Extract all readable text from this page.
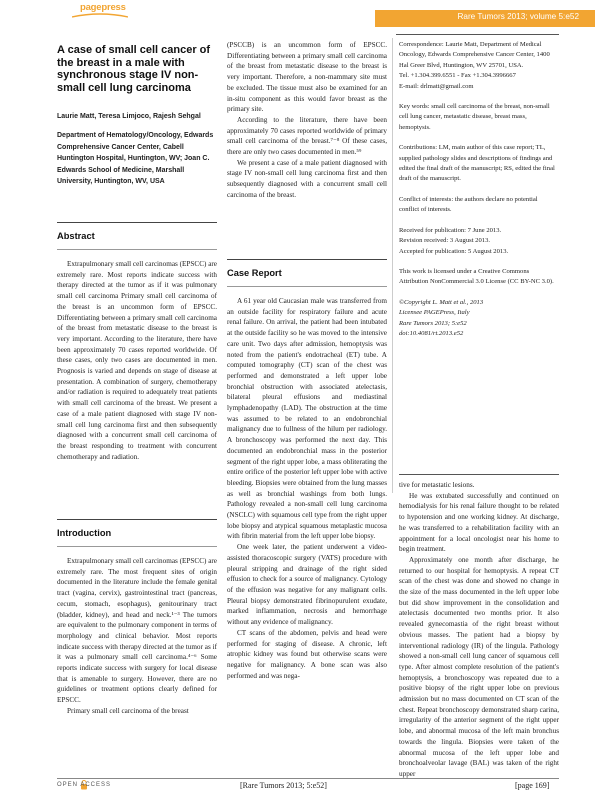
pagepress
Rare Tumors 2013; volume 5:e52
A case of small cell cancer of the breast in a male with synchronous stage IV non-small cell lung carcinoma
Laurie Matt, Teresa Limjoco, Rajesh Sehgal
Department of Hematology/Oncology, Edwards Comprehensive Cancer Center, Cabell Huntington Hospital, Huntington, WV; Joan C. Edwards School of Medicine, Marshall University, Huntington, WV, USA
Abstract

Extrapulmonary small cell carcinomas (EPSCC) are extremely rare. Most reports indicate success with therapy directed at the tumor as if it was pulmonary small cell carcinoma Primary small cell carcinoma of the breast is an uncommon form of EPSCC. Differentiating between a primary small cell carcinoma of the breast from metastatic disease to the breast is very important. According to the literature, there have been approximately 70 cases reported worldwide. Of these cases, only two cases are documented in men. Prognosis is varied and depends on stage of disease at presentation. A combination of surgery, chemotherapy and/or radiation is required to adequately treat patients with small cell carcinoma of the breast. We present a case of a male patient diagnosed with stage IV non-small cell lung carcinoma first and then subsequently diagnosed with a concurrent small cell carcinoma of the breast responding to treatment with concurrent chemotherapy and radiation.

Introduction

Extrapulmonary small cell carcinomas (EPSCC) are extremely rare. The most frequent sites of origin documented in the literature include the female genital tract (vagina, cervix), gastrointestinal tract (pancreas, cecum, stomach, esophagus), genitourinary tract (bladder, kidney), and head and neck.¹⁻³ The tumors are equivalent to the pulmonary component in terms of morphology and clinical behavior. Most reports indicate success with therapy directed at the tumor as if it was a pulmonary small cell carcinoma.⁴⁻⁶ Some reports indicate success with surgery for local disease that is amenable to surgery. However, there are no guidelines or treatment options clearly defined for EPSCC.

Primary small cell carcinoma of the breast

(PSCCB) is an uncommon form of EPSCC. Differentiating between a primary small cell carcinoma of the breast from metastatic disease to the breast is very important. Therefore, a non-mammary site must be excluded. The tissue must also be examined for an in-situ component as this would favor breast as the primary site.

According to the literature, there have been approximately 70 cases reported worldwide of primary small cell carcinoma of the breast.⁷⁻⁸ Of these cases, there are only two cases documented in men.⁵⁹

We present a case of a male patient diagnosed with stage IV non-small cell lung carcinoma first and then subsequently diagnosed with a concurrent small cell carcinoma of the breast.

Case Report

A 61 year old Caucasian male was transferred from an outside facility for respiratory failure and acute renal failure. On arrival, the patient had been intubated at the outside facility so he was moved to the intensive care unit. Two days after admission, hemoptysis was noted from the patient's endotracheal (ET) tube. A computed tomography (CT) scan of the chest was performed and demonstrated a left upper lobe bronchial obstruction with associated atelectasis, bilateral pleural effusions and mediastinal lymphadenopathy (LAD). The obstruction at the time was assumed to be related to an endobronchial malignancy due to fullness of the hilum per radiology. A bronchoscopy was performed the next day. This documented an endobronchial mass in the posterior segment of the right upper lobe, a mass obliterating the entire orifice of the posterior left upper lobe with active bleeding. Biopsies were obtained from the lung masses as well as bronchial washings from both lungs. Pathology revealed a non-small cell lung carcinoma (NSCLC) with squamous cell type from the right upper lobe biopsy and atypical squamous metaplastic mucosa with fibrin material from the left upper lobe biopsy.

One week later, the patient underwent a video-assisted thoracoscopic surgery (VATS) procedure with pleural stripping and drainage of the right sided effusion to check for a source of malignancy. Cytology of the effusion was negative for any malignant cells. Pleural biopsy demonstrated fibrinopurulent exudate, marked inflammation, necrosis and hemorrhage without any evidence of malignancy.

CT scans of the abdomen, pelvis and head were performed for staging of disease. A chronic, left atrophic kidney was found but otherwise scans were negative for malignancy. A bone scan was also performed and was nega-

Correspondence: Laurie Matt, Department of Medical Oncology, Edwards Comprehensive Cancer Center, 1400 Hal Greer Blvd, Huntington, WV 25701, USA.

Tel. +1.304.399.6551 - Fax +1.304.3996667

E-mail: drlmatt@gmail.com

Key words: small cell carcinoma of the breast, non-small cell lung cancer, metastatic disease, breast mass, hemoptysis.

Contributions: LM, main author of this case report; TL, supplied pathology slides and descriptions of findings and edited the final draft of the manuscript; RS, edited the final draft of the manuscript.

Conflict of interests: the authors declare no potential conflict of interests.

Received for publication: 7 June 2013.

Revision received: 3 August 2013.

Accepted for publication: 5 August 2013.

This work is licensed under a Creative Commons Attribution NonCommercial 3.0 License (CC BY-NC 3.0).

©Copyright L. Matt et al., 2013

Licensee PAGEPress, Italy

Rare Tumors 2013; 5:e52

doi:10.4081/rt.2013.e52

tive for metastatic lesions.

He was extubated successfully and continued on hemodialysis for his renal failure thought to be related to hypotension and one working kidney. At discharge, he was transferred to a rehabilitation facility with an appointment for a local oncologist near his home to begin treatment.

Approximately one month after discharge, he returned to our hospital for hemoptysis. A repeat CT scan of the chest was done and showed no change in the size of the mass documented in the left upper lobe but did show improvement in the consolidation and atelectasis documented two months prior. It also revealed gynecomastia of the right breast without obvious masses. The patient had a biopsy by interventional radiology (IR) of the lingula. Pathology showed a non-small cell lung cancer of squamous cell type. After almost complete resolution of the patient's hemoptysis, a bronchoscopy was repeated due to a positive biopsy of the right upper lobe on previous admission but no mass documented on CT scan of the chest. Repeat bronchoscopy demonstrated sharp carina, irregularity of the anterior segment of the right upper lobe, and abnormal mucosa of the left main bronchus towards the lingula. Biopsies were taken of the abnormal mucosa of the left upper lobe and bronchoalveolar lavage (BAL) was taken of the right upper

OPEN ACCESS	[Rare Tumors 2013; 5:e52]	[page 169]
